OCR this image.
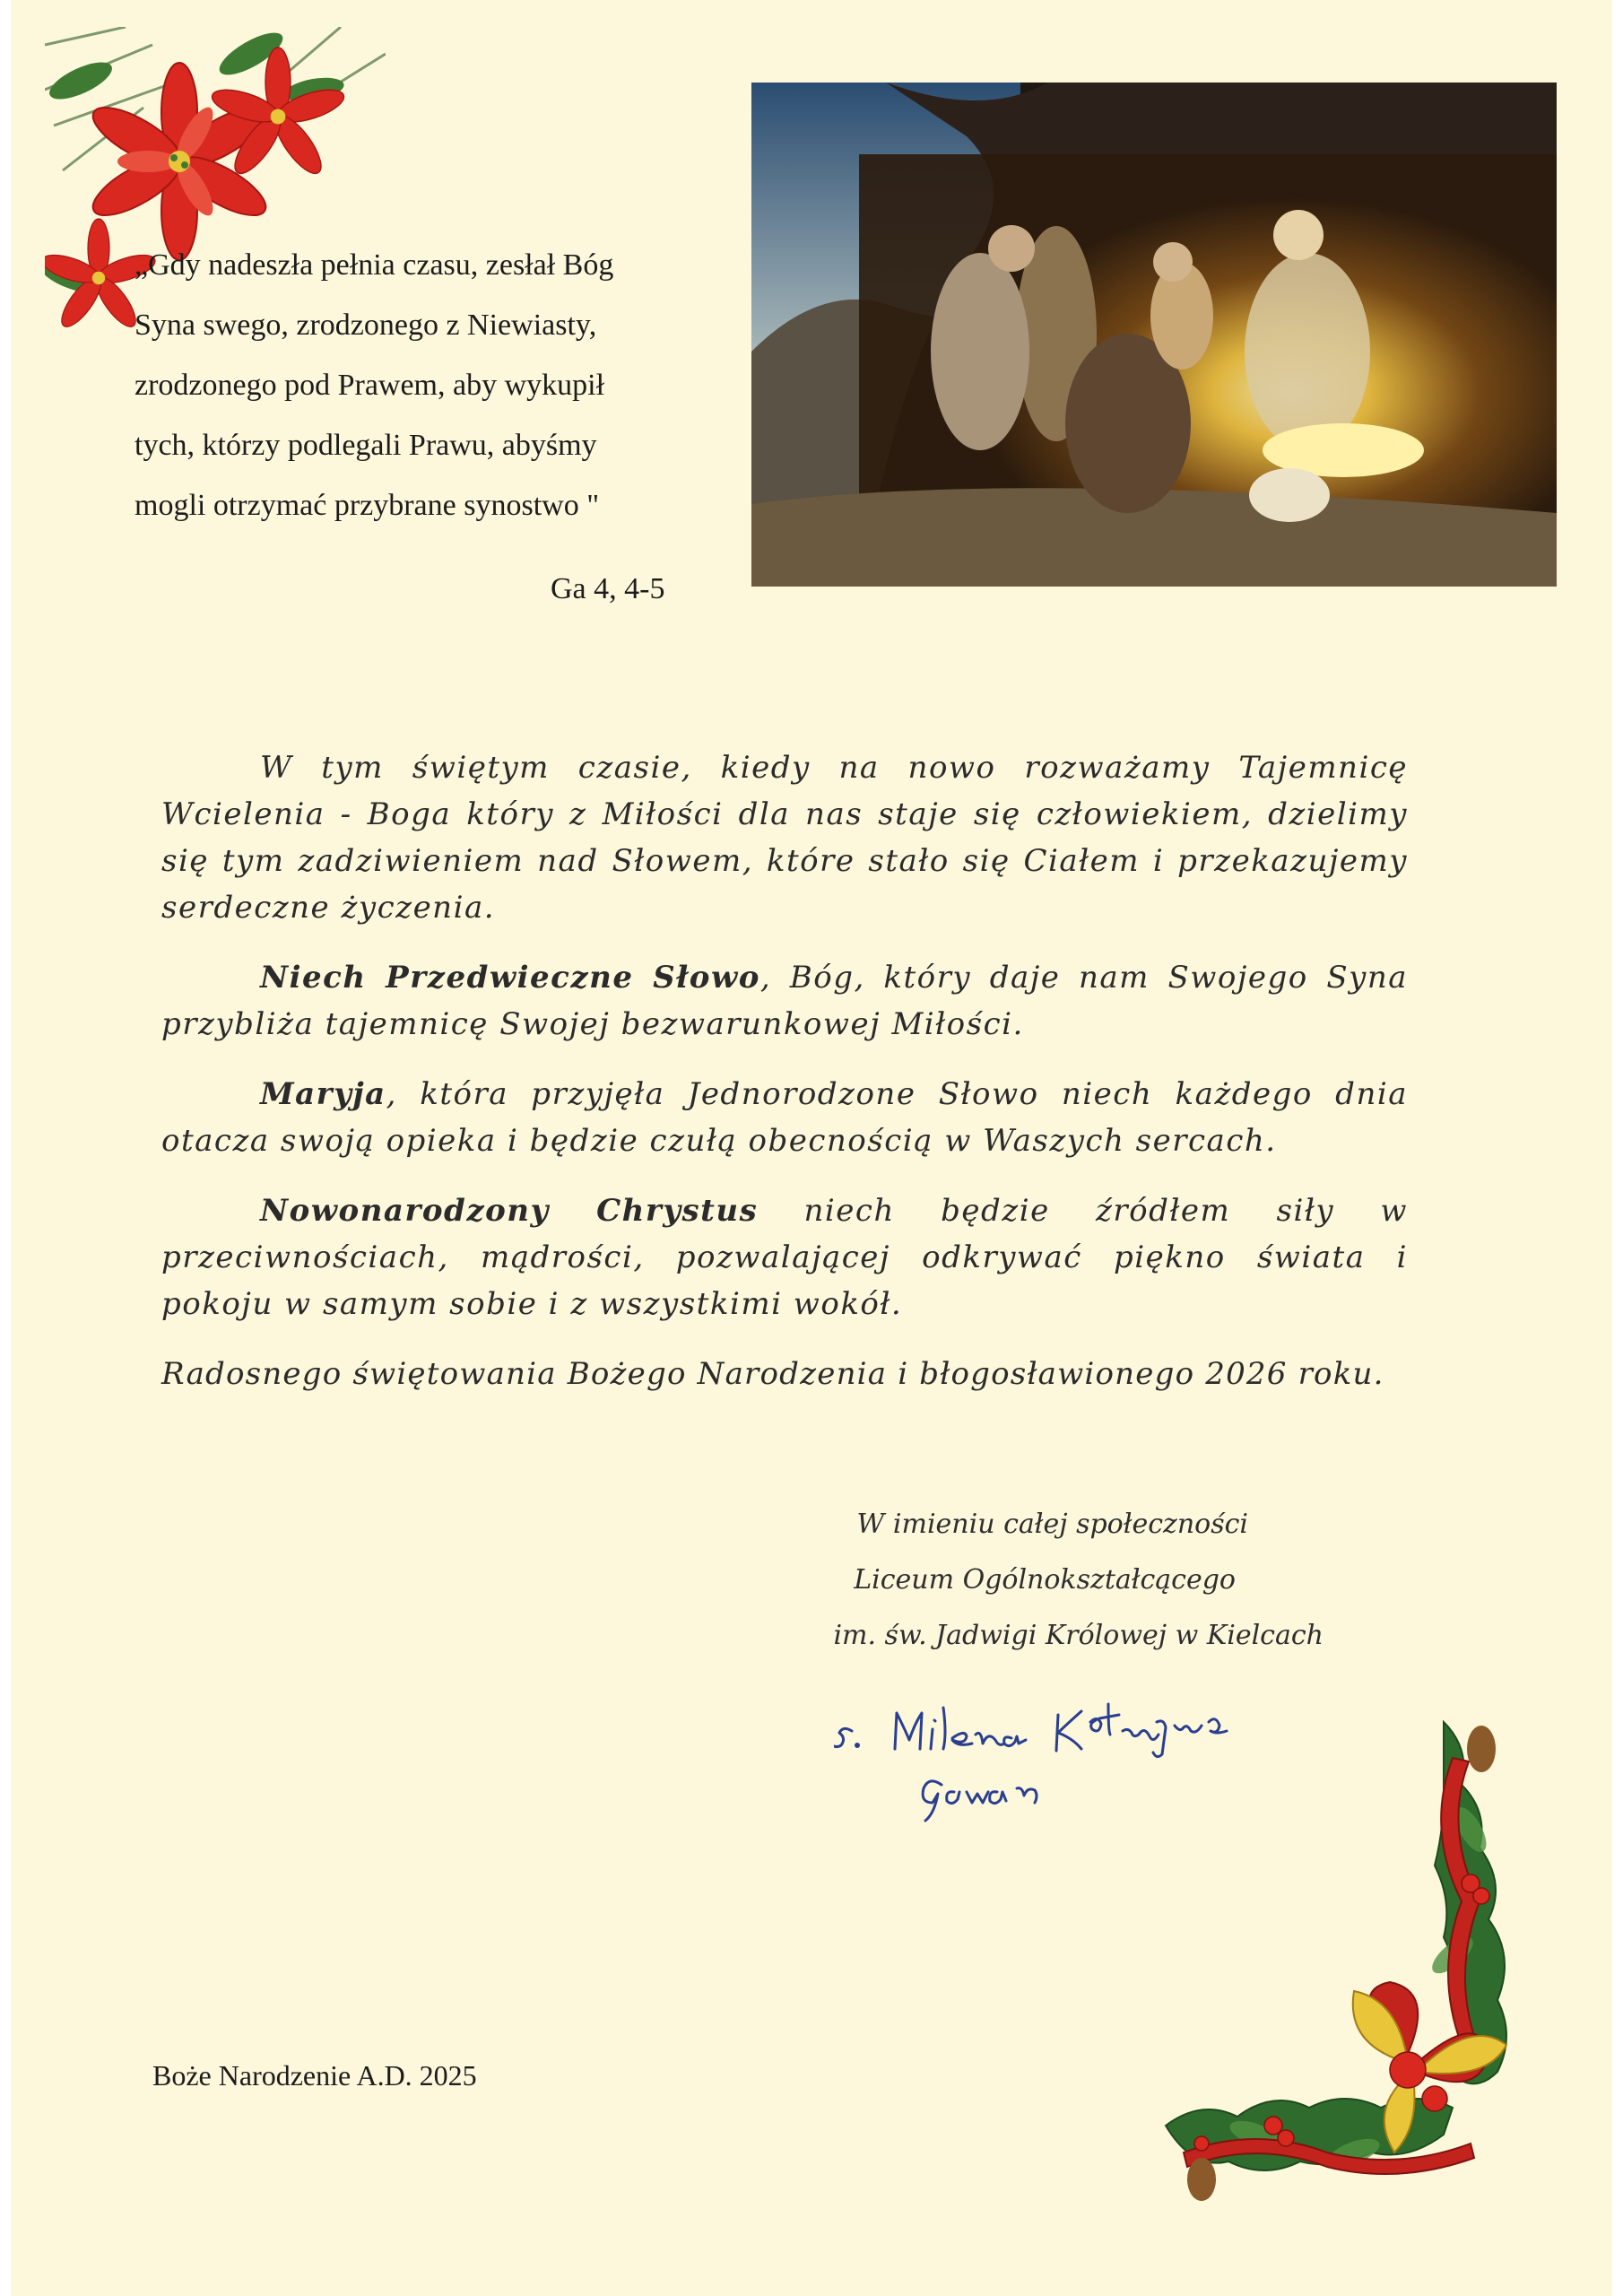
„Gdy nadeszła pełnia czasu, zesłał Bóg
Syna swego, zrodzonego z Niewiasty,
zrodzonego pod Prawem, aby wykupił
tych, którzy podlegali Prawu, abyśmy
mogli otrzymać przybrane synostwo "
Ga 4, 4-5

W tym świętym czasie, kiedy na nowo rozważamy Tajemnicę Wcielenia - Boga który z Miłości dla nas staje się człowiekiem, dzielimy się tym zadziwieniem nad Słowem, które stało się Ciałem i przekazujemy serdeczne życzenia.

Niech Przedwieczne Słowo, Bóg, który daje nam Swojego Syna przybliża tajemnicę Swojej bezwarunkowej Miłości.

Maryja, która przyjęła Jednorodzone Słowo niech każdego dnia otacza swoją opieka i będzie czułą obecnością w Waszych sercach.

Nowonarodzony Chrystus niech będzie źródłem siły w przeciwnościach, mądrości, pozwalającej odkrywać piękno świata i pokoju w samym sobie i z wszystkimi wokół.

Radosnego świętowania Bożego Narodzenia i błogosławionego 2026 roku.

W imieniu całej społeczności
Liceum Ogólnokształcącego
im. św. Jadwigi Królowej w Kielcach
Boże Narodzenie A.D. 2025
